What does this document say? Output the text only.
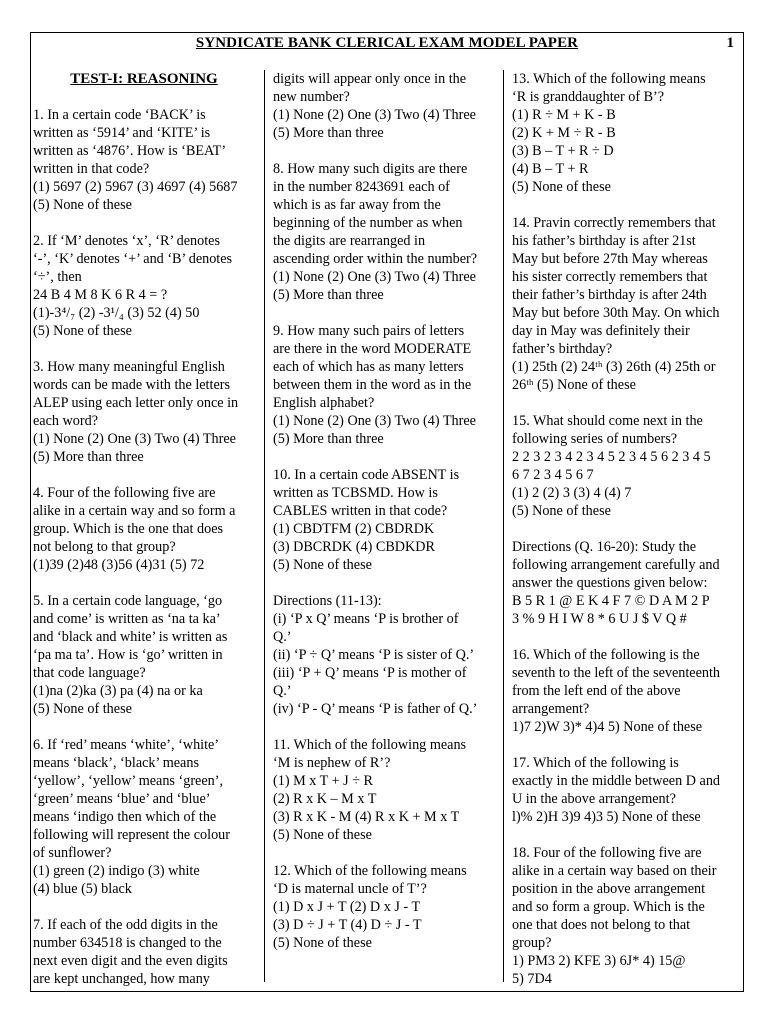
SYNDICATE BANK CLERICAL EXAM MODEL PAPER	1
TEST-I: REASONING
1. In a certain code ‘BACK’ is
written as ‘5914’ and ‘KITE’ is
written as ‘4876’. How is ‘BEAT’
written in that code?
(1) 5697 (2) 5967 (3) 4697 (4) 5687
(5) None of these
2. If ‘M’ denotes ‘x’, ‘R’ denotes
‘-’, ‘K’ denotes ‘+’ and ‘B’ denotes
‘÷’, then
24 B 4 M 8 K 6 R 4 = ?
(1)-3⁴/₇ (2) -3¹/₄ (3) 52 (4) 50
(5) None of these
3. How many meaningful English
words can be made with the letters
ALEP using each letter only once in
each word?
(1) None (2) One (3) Two (4) Three
(5) More than three
4. Four of the following five are
alike in a certain way and so form a
group. Which is the one that does
not belong to that group?
(1)39 (2)48 (3)56 (4)31 (5) 72
5. In a certain code language, ‘go
and come’ is written as ‘na ta ka’
and ‘black and white’ is written as
‘pa ma ta’. How is ‘go’ written in
that code language?
(1)na (2)ka (3) pa (4) na or ka
(5) None of these
6. If ‘red’ means ‘white’, ‘white’
means ‘black’, ‘black’ means
‘yellow’, ‘yellow’ means ‘green’,
‘green’ means ‘blue’ and ‘blue’
means ‘indigo then which of the
following will represent the colour
of sunflower?
(1) green (2) indigo (3) white
(4) blue (5) black
7. If each of the odd digits in the
number 634518 is changed to the
next even digit and the even digits
are kept unchanged, how many
digits will appear only once in the
new number?
(1) None (2) One (3) Two (4) Three
(5) More than three
8. How many such digits are there
in the number 8243691 each of
which is as far away from the
beginning of the number as when
the digits are rearranged in
ascending order within the number?
(1) None (2) One (3) Two (4) Three
(5) More than three
9. How many such pairs of letters
are there in the word MODERATE
each of which has as many letters
between them in the word as in the
English alphabet?
(1) None (2) One (3) Two (4) Three
(5) More than three
10. In a certain code ABSENT is
written as TCBSMD. How is
CABLES written in that code?
(1) CBDTFM (2) CBDRDK
(3) DBCRDK (4) CBDKDR
(5) None of these
Directions (11-13):
(i) ‘P x Q’ means ‘P is brother of
Q.’
(ii) ‘P ÷ Q’ means ‘P is sister of Q.’
(iii) ‘P + Q’ means ‘P is mother of
Q.’
(iv) ‘P - Q’ means ‘P is father of Q.’
11. Which of the following means
‘M is nephew of R’?
(1) M x T + J ÷ R
(2) R x K – M x T
(3) R x K - M (4) R x K + M x T
(5) None of these
12. Which of the following means
‘D is maternal uncle of T’?
(1) D x J + T (2) D x J - T
(3) D ÷ J + T (4) D ÷ J - T
(5) None of these
13. Which of the following means
‘R is granddaughter of B’?
(1) R ÷ M + K - B
(2) K + M ÷ R - B
(3) B – T + R ÷ D
(4) B – T + R
(5) None of these
14. Pravin correctly remembers that
his father’s birthday is after 21st
May but before 27th May whereas
his sister correctly remembers that
their father’s birthday is after 24th
May but before 30th May. On which
day in May was definitely their
father’s birthday?
(1) 25th (2) 24ᵗʰ (3) 26th (4) 25th or
26ᵗʰ (5) None of these
15. What should come next in the
following series of numbers?
2 2 3 2 3 4 2 3 4 5 2 3 4 5 6 2 3 4 5
6 7 2 3 4 5 6 7
(1) 2 (2) 3 (3) 4 (4) 7
(5) None of these
Directions (Q. 16-20): Study the
following arrangement carefully and
answer the questions given below:
B 5 R 1 @ E K 4 F 7 © D A M 2 P
3 % 9 H I W 8 * 6 U J $ V Q #
16. Which of the following is the
seventh to the left of the seventeenth
from the left end of the above
arrangement?
1)7 2)W 3)* 4)4 5) None of these
17. Which of the following is
exactly in the middle between D and
U in the above arrangement?
l)% 2)H 3)9 4)3 5) None of these
18. Four of the following five are
alike in a certain way based on their
position in the above arrangement
and so form a group. Which is the
one that does not belong to that
group?
1) PM3 2) KFE 3) 6J* 4) 15@
5) 7D4
